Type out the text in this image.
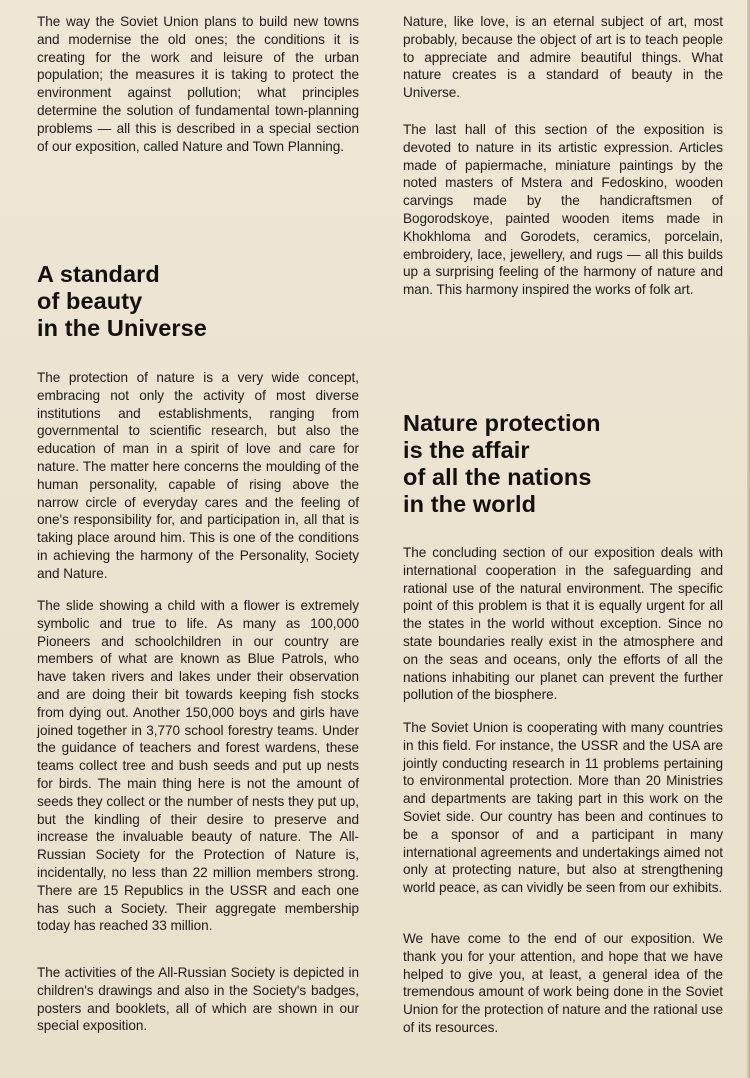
The way the Soviet Union plans to build new towns and modernise the old ones; the conditions it is creating for the work and leisure of the urban population; the measures it is taking to protect the environment against pollution; what principles determine the solution of fundamental town-planning problems — all this is described in a special section of our exposition, called Nature and Town Planning.

A standard
of beauty
in the Universe

The protection of nature is a very wide concept, embracing not only the activity of most diverse institutions and establishments, ranging from governmental to scientific research, but also the education of man in a spirit of love and care for nature. The matter here concerns the moulding of the human personality, capable of rising above the narrow circle of everyday cares and the feeling of one's responsibility for, and participation in, all that is taking place around him. This is one of the conditions in achieving the harmony of the Personality, Society and Nature.

The slide showing a child with a flower is extremely symbolic and true to life. As many as 100,000 Pioneers and schoolchildren in our country are members of what are known as Blue Patrols, who have taken rivers and lakes under their observation and are doing their bit towards keeping fish stocks from dying out. Another 150,000 boys and girls have joined together in 3,770 school forestry teams. Under the guidance of teachers and forest wardens, these teams collect tree and bush seeds and put up nests for birds. The main thing here is not the amount of seeds they collect or the number of nests they put up, but the kindling of their desire to preserve and increase the invaluable beauty of nature. The All-Russian Society for the Protection of Nature is, incidentally, no less than 22 million members strong. There are 15 Republics in the USSR and each one has such a Society. Their aggregate membership today has reached 33 million.

The activities of the All-Russian Society is depicted in children's drawings and also in the Society's badges, posters and booklets, all of which are shown in our special exposition.

Nature, like love, is an eternal subject of art, most probably, because the object of art is to teach people to appreciate and admire beautiful things. What nature creates is a standard of beauty in the Universe.

The last hall of this section of the exposition is devoted to nature in its artistic expression. Articles made of papiermache, miniature paintings by the noted masters of Mstera and Fedoskino, wooden carvings made by the handicraftsmen of Bogorodskoye, painted wooden items made in Khokhloma and Gorodets, ceramics, porcelain, embroidery, lace, jewellery, and rugs — all this builds up a surprising feeling of the harmony of nature and man. This harmony inspired the works of folk art.

Nature protection
is the affair
of all the nations
in the world

The concluding section of our exposition deals with international cooperation in the safeguarding and rational use of the natural environment. The specific point of this problem is that it is equally urgent for all the states in the world without exception. Since no state boundaries really exist in the atmosphere and on the seas and oceans, only the efforts of all the nations inhabiting our planet can prevent the further pollution of the biosphere.

The Soviet Union is cooperating with many countries in this field. For instance, the USSR and the USA are jointly conducting research in 11 problems pertaining to environmental protection. More than 20 Ministries and departments are taking part in this work on the Soviet side. Our country has been and continues to be a sponsor of and a participant in many international agreements and undertakings aimed not only at protecting nature, but also at strengthening world peace, as can vividly be seen from our exhibits.

We have come to the end of our exposition. We thank you for your attention, and hope that we have helped to give you, at least, a general idea of the tremendous amount of work being done in the Soviet Union for the protection of nature and the rational use of its resources.
